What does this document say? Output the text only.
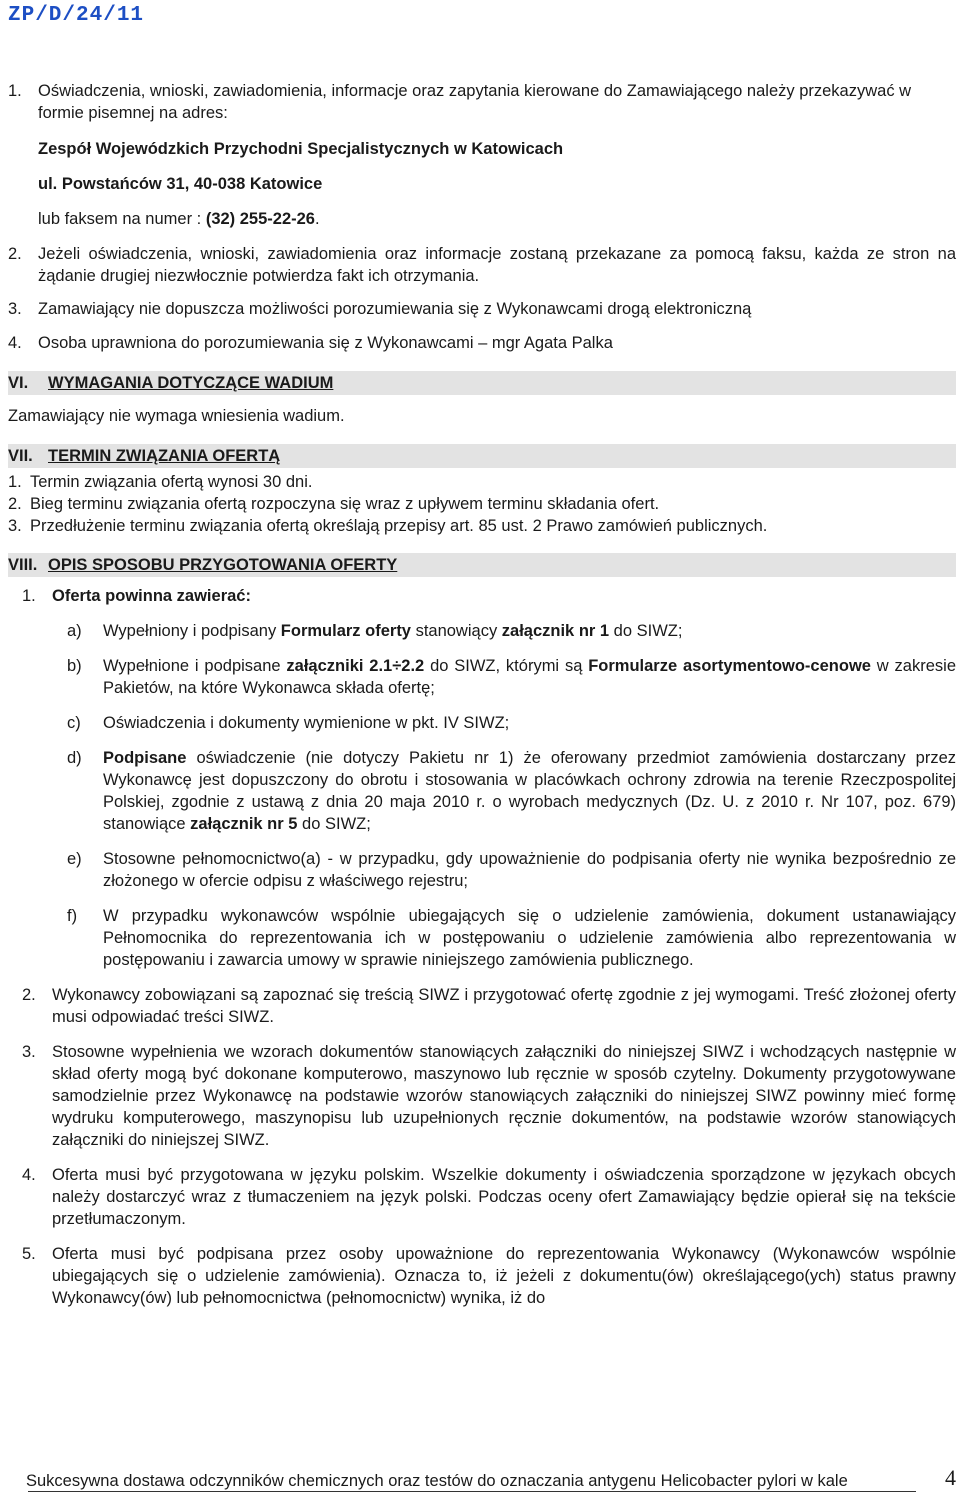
ZP/D/24/11
1. Oświadczenia, wnioski, zawiadomienia, informacje oraz zapytania kierowane do Zamawiającego należy przekazywać w formie pisemnej na adres:
Zespół Wojewódzkich Przychodni Specjalistycznych w Katowicach
ul. Powstańców 31, 40-038 Katowice
lub faksem na numer : (32) 255-22-26.
2. Jeżeli oświadczenia, wnioski, zawiadomienia oraz informacje zostaną przekazane za pomocą faksu, każda ze stron na żądanie drugiej niezwłocznie potwierdza fakt ich otrzymania.
3. Zamawiający nie dopuszcza możliwości porozumiewania się z Wykonawcami drogą elektroniczną
4. Osoba uprawniona do porozumiewania się z Wykonawcami – mgr Agata Palka
VI.	WYMAGANIA DOTYCZĄCE WADIUM
Zamawiający nie wymaga wniesienia wadium.
VII. TERMIN ZWIĄZANIA OFERTĄ
1. Termin związania ofertą wynosi 30 dni.
2. Bieg terminu związania ofertą rozpoczyna się wraz z upływem terminu składania ofert.
3. Przedłużenie terminu związania ofertą określają przepisy art. 85 ust. 2 Prawo zamówień publicznych.
VIII. OPIS SPOSOBU PRZYGOTOWANIA OFERTY
1. Oferta powinna zawierać:
a)	Wypełniony i podpisany Formularz oferty stanowiący załącznik nr 1 do SIWZ;
b)	Wypełnione i podpisane załączniki 2.1÷2.2 do SIWZ, którymi są Formularze asortymentowo-cenowe w zakresie Pakietów, na które Wykonawca składa ofertę;
c)	Oświadczenia i dokumenty wymienione w pkt. IV SIWZ;
d)	Podpisane oświadczenie (nie dotyczy Pakietu nr 1) że oferowany przedmiot zamówienia dostarczany przez Wykonawcę jest dopuszczony do obrotu i stosowania w placówkach ochrony zdrowia na terenie Rzeczpospolitej Polskiej, zgodnie z ustawą z dnia 20 maja 2010 r. o wyrobach medycznych (Dz. U. z 2010 r. Nr 107, poz. 679) stanowiące załącznik nr 5 do SIWZ;
e)	Stosowne pełnomocnictwo(a) - w przypadku, gdy upoważnienie do podpisania oferty nie wynika bezpośrednio ze złożonego w ofercie odpisu z właściwego rejestru;
f)	W przypadku wykonawców wspólnie ubiegających się o udzielenie zamówienia, dokument ustanawiający Pełnomocnika do reprezentowania ich w postępowaniu o udzielenie zamówienia albo reprezentowania w postępowaniu i zawarcia umowy w sprawie niniejszego zamówienia publicznego.
2. Wykonawcy zobowiązani są zapoznać się treścią SIWZ i przygotować ofertę zgodnie z jej wymogami. Treść złożonej oferty musi odpowiadać treści SIWZ.
3. Stosowne wypełnienia we wzorach dokumentów stanowiących załączniki do niniejszej SIWZ i wchodzących następnie w skład oferty mogą być dokonane komputerowo, maszynowo lub ręcznie w sposób czytelny. Dokumenty przygotowywane samodzielnie przez Wykonawcę na podstawie wzorów stanowiących załączniki do niniejszej SIWZ powinny mieć formę wydruku komputerowego, maszynopisu lub uzupełnionych ręcznie dokumentów, na podstawie wzorów stanowiących załączniki do niniejszej SIWZ.
4. Oferta musi być przygotowana w języku polskim. Wszelkie dokumenty i oświadczenia sporządzone w językach obcych należy dostarczyć wraz z tłumaczeniem na język polski. Podczas oceny ofert Zamawiający będzie opierał się na tekście przetłumaczonym.
5. Oferta musi być podpisana przez osoby upoważnione do reprezentowania Wykonawcy (Wykonawców wspólnie ubiegających się o udzielenie zamówienia). Oznacza to, iż jeżeli z dokumentu(ów) określającego(ych) status prawny Wykonawcy(ów) lub pełnomocnictwa (pełnomocnictw) wynika, iż do
Sukcesywna dostawa odczynników chemicznych oraz testów do oznaczania antygenu Helicobacter pylori w kale	4
